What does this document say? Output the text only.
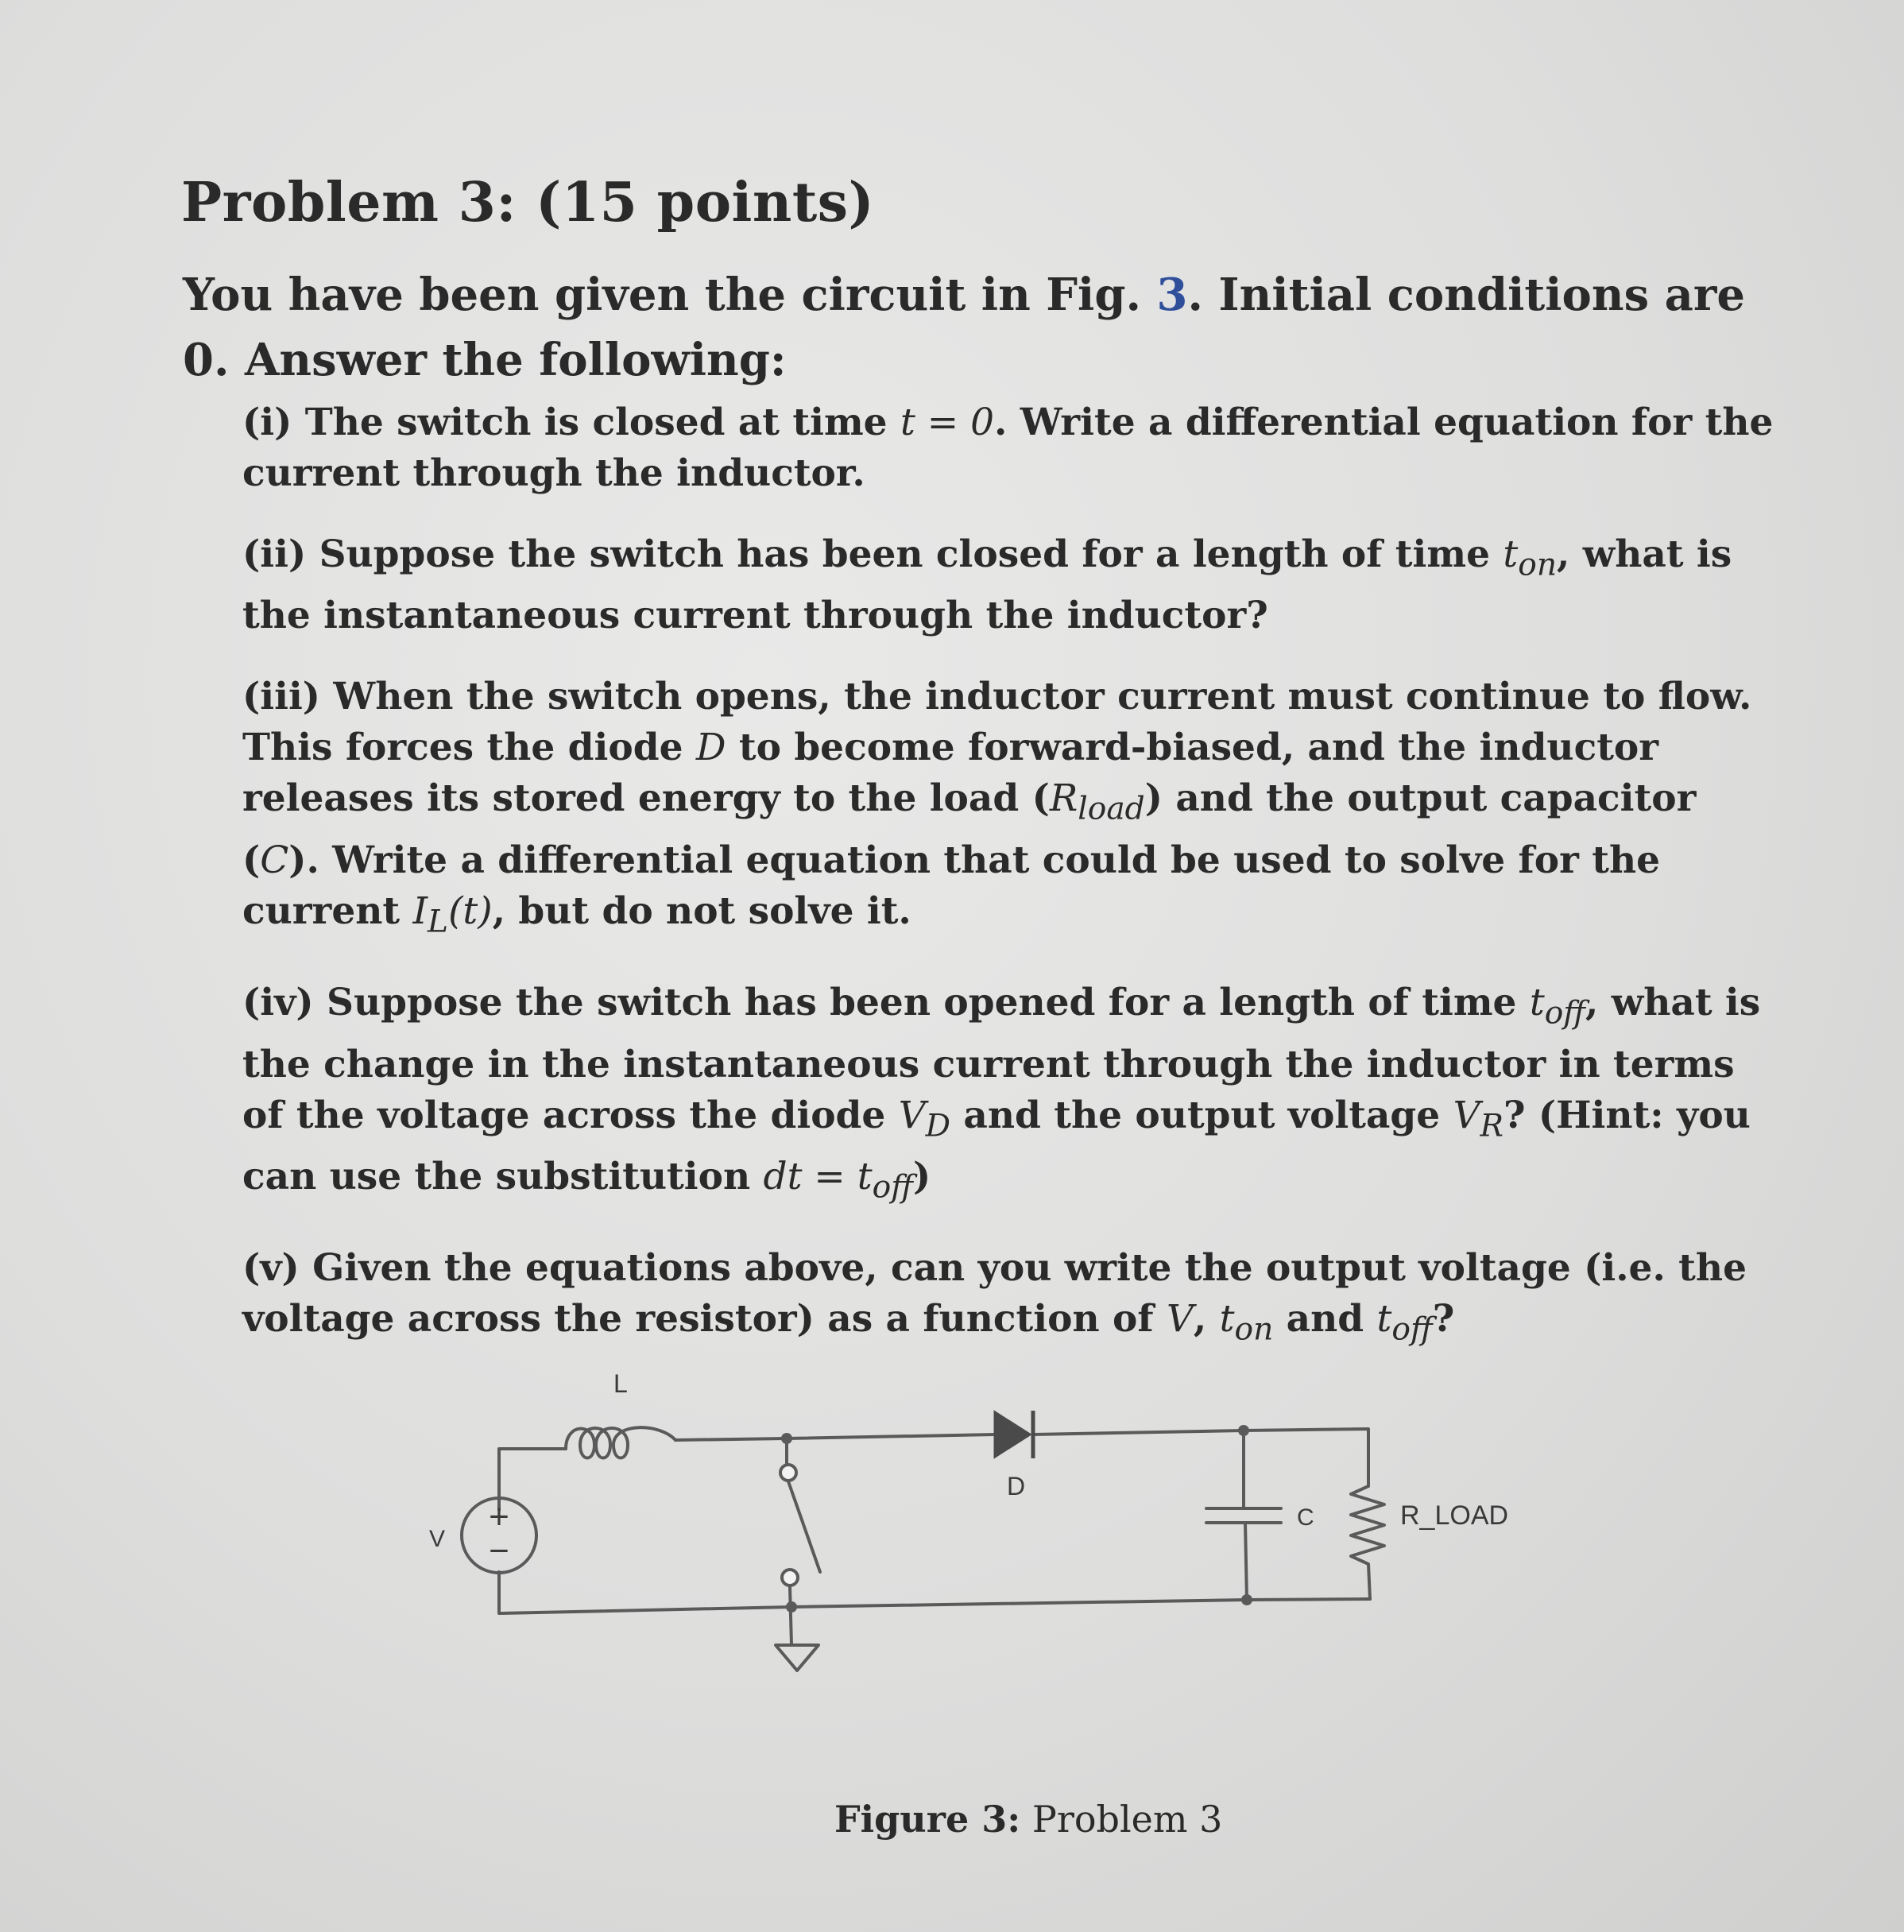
Problem 3: (15 points)
You have been given the circuit in Fig. 3. Initial conditions are 0. Answer the following:
(i) The switch is closed at time t = 0. Write a differential equation for the current through the inductor.
(ii) Suppose the switch has been closed for a length of time $t_{on}$, what is the instantaneous current through the inductor?
(iii) When the switch opens, the inductor current must continue to flow. This forces the diode D to become forward-biased, and the inductor releases its stored energy to the load $(R_{load})$ and the output capacitor (C). Write a differential equation that could be used to solve for the current $I_L(t)$, but do not solve it.
(iv) Suppose the switch has been opened for a length of time $t_{off}$, what is the change in the instantaneous current through the inductor in terms of the voltage across the diode $V_D$ and the output voltage $V_R$? (Hint: you can use the substitution dt = $t_{off}$)
(v) Given the equations above, can you write the output voltage (i.e. the voltage across the resistor) as a function of V, $t_{on}$ and $t_{off}$?
L
V
+
−
D
C	R_LOAD
Figure 3: Problem 3
